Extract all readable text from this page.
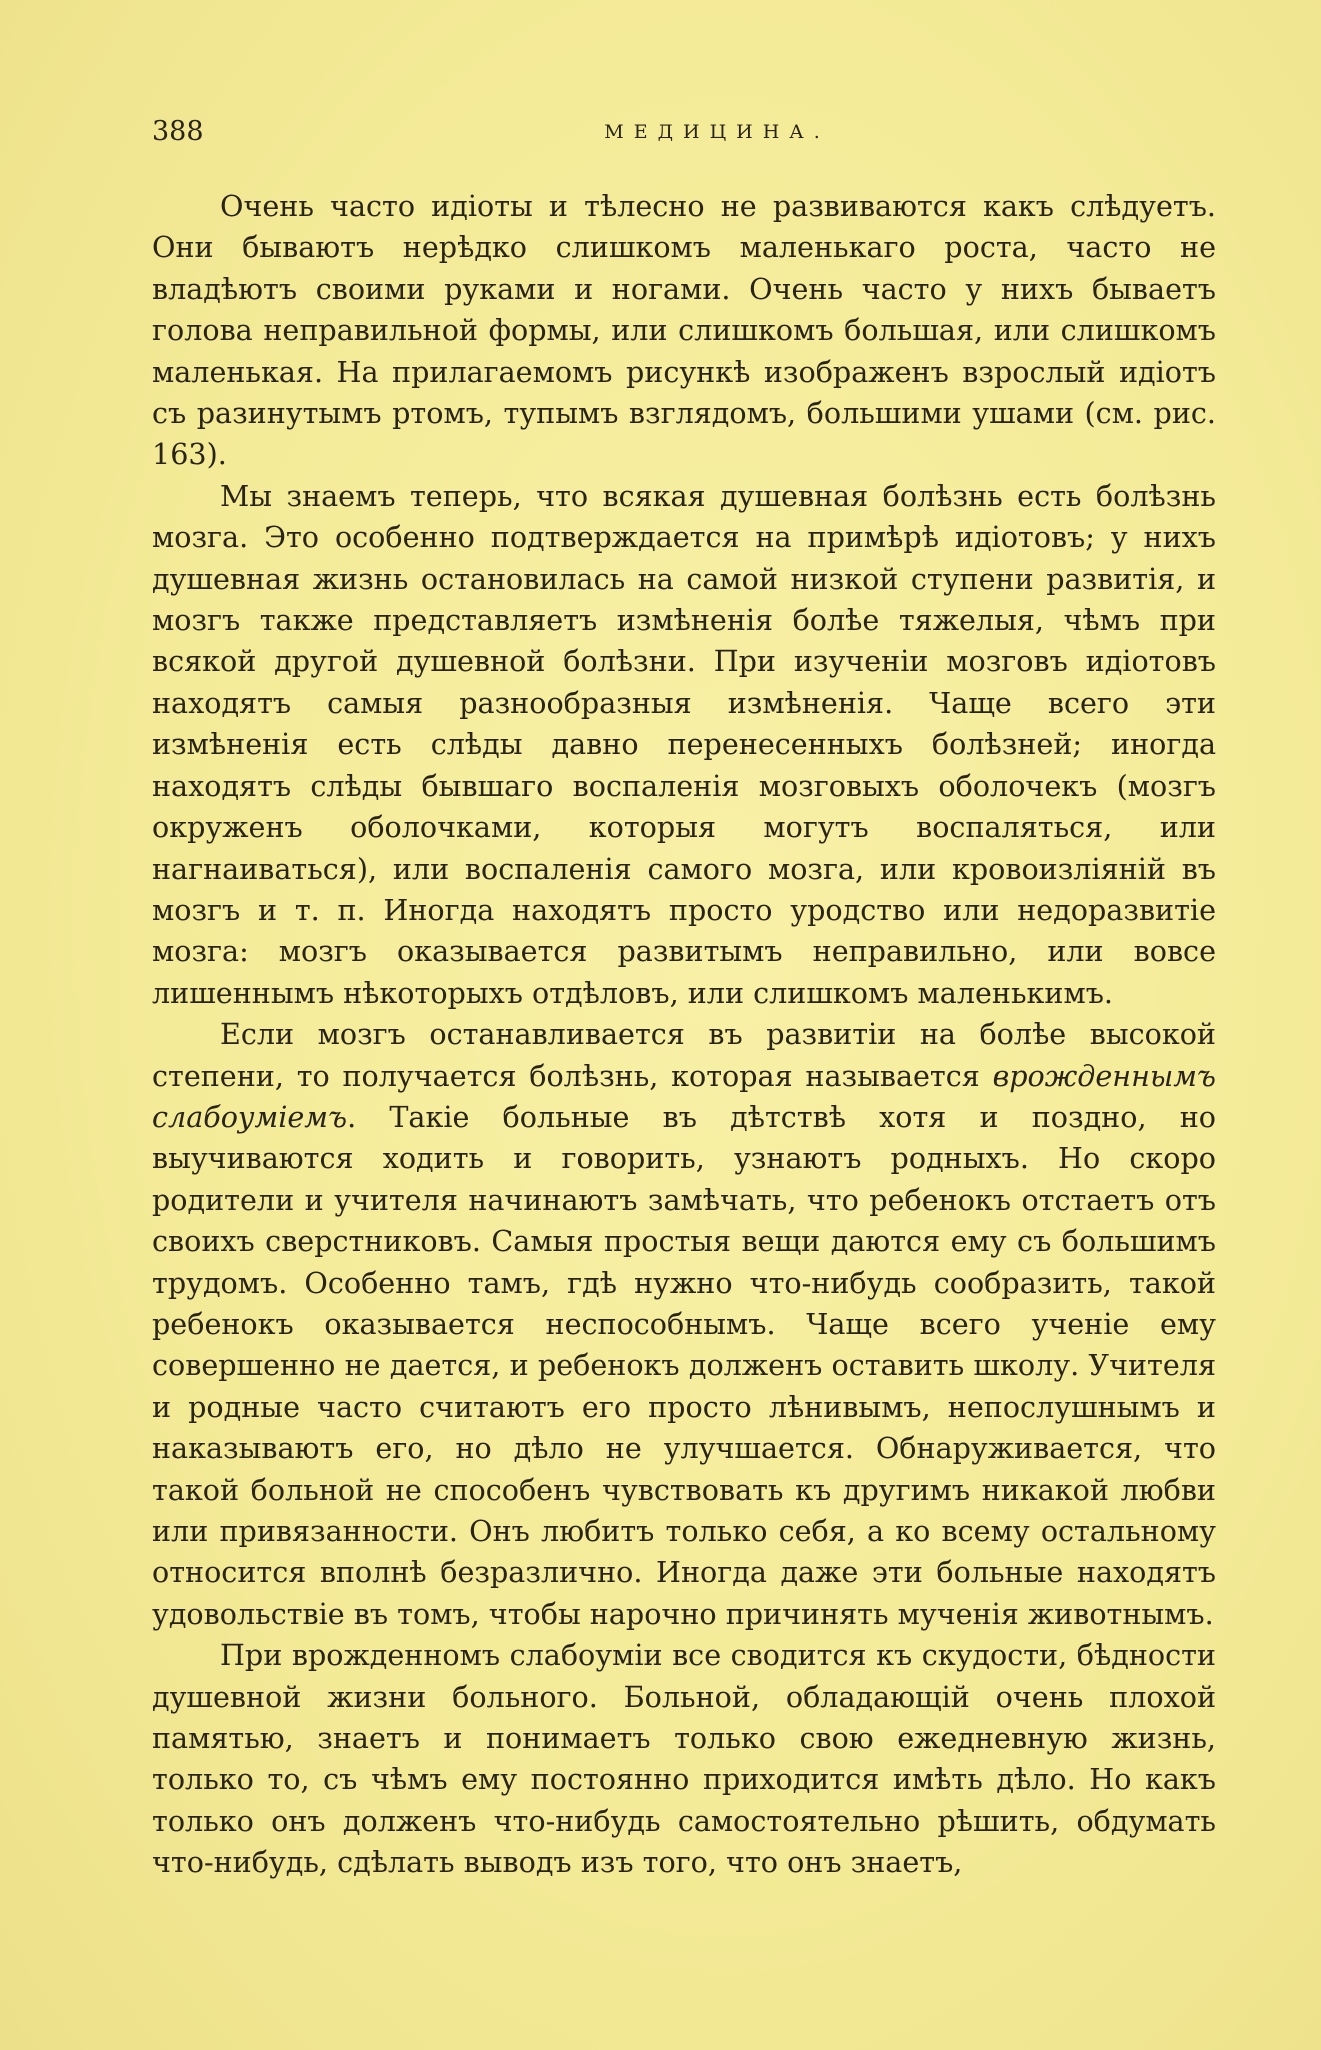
388	МЕДИЦИНА.

Очень часто идіоты и тѣлесно не развиваются какъ слѣдуетъ. Они бываютъ нерѣдко слишкомъ маленькаго роста, часто не владѣютъ своими руками и ногами. Очень часто у нихъ бываетъ голова неправильной формы, или слишкомъ большая, или слишкомъ маленькая. На прилагаемомъ рисункѣ изображенъ взрослый идіотъ съ разинутымъ ртомъ, тупымъ взглядомъ, большими ушами (см. рис. 163).

Мы знаемъ теперь, что всякая душевная болѣзнь есть болѣзнь мозга. Это особенно подтверждается на примѣрѣ идіотовъ; у нихъ душевная жизнь остановилась на самой низкой ступени развитія, и мозгъ также представляетъ измѣненія болѣе тяжелыя, чѣмъ при всякой другой душевной болѣзни. При изученіи мозговъ идіотовъ находятъ самыя разнообразныя измѣненія. Чаще всего эти измѣненія есть слѣды давно перенесенныхъ болѣзней; иногда находятъ слѣды бывшаго воспаленія мозговыхъ оболочекъ (мозгъ окруженъ оболочками, которыя могутъ воспаляться, или нагнаиваться), или воспаленія самого мозга, или кровоизліяній въ мозгъ и т. п. Иногда находятъ просто уродство или недоразвитіе мозга: мозгъ оказывается развитымъ неправильно, или вовсе лишеннымъ нѣкоторыхъ отдѣловъ, или слишкомъ маленькимъ.

Если мозгъ останавливается въ развитіи на болѣе высокой степени, то получается болѣзнь, которая называется врожденнымъ слабоуміемъ. Такіе больные въ дѣтствѣ хотя и поздно, но выучиваются ходить и говорить, узнаютъ родныхъ. Но скоро родители и учителя начинаютъ замѣчать, что ребенокъ отстаетъ отъ своихъ сверстниковъ. Самыя простыя вещи даются ему съ большимъ трудомъ. Особенно тамъ, гдѣ нужно что-нибудь сообразить, такой ребенокъ оказывается неспособнымъ. Чаще всего ученіе ему совершенно не дается, и ребенокъ долженъ оставить школу. Учителя и родные часто считаютъ его просто лѣнивымъ, непослушнымъ и наказываютъ его, но дѣло не улучшается. Обнаруживается, что такой больной не способенъ чувствовать къ другимъ никакой любви или привязанности. Онъ любитъ только себя, а ко всему остальному относится вполнѣ безразлично. Иногда даже эти больные находятъ удовольствіе въ томъ, чтобы нарочно причинять мученія животнымъ.

При врожденномъ слабоуміи все сводится къ скудости, бѣдности душевной жизни больного. Больной, обладающій очень плохой памятью, знаетъ и понимаетъ только свою ежедневную жизнь, только то, съ чѣмъ ему постоянно приходится имѣть дѣло. Но какъ только онъ долженъ что-нибудь самостоятельно рѣшить, обдумать что-нибудь, сдѣлать выводъ изъ того, что онъ знаетъ,
